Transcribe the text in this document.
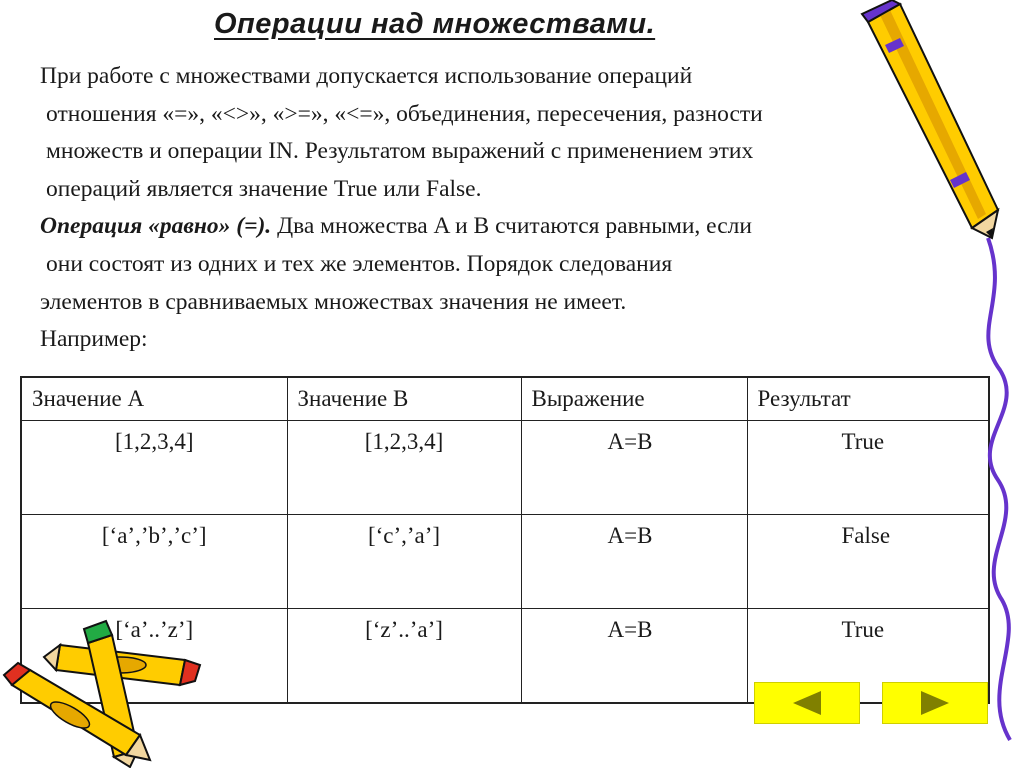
Операции над множествами.
При работе с множествами допускается использование операций
отношения «=», «<>», «>=», «<=», объединения, пересечения, разности
множеств и операции IN. Результатом выражений с применением этих
операций является значение True или False.
Операция «равно» (=). Два множества A и B считаются равными, если
они состоят из одних и тех же элементов. Порядок следования
элементов в сравниваемых множествах значения не имеет.
Например:
Значение А	Значение В	Выражение	Результат
[1,2,3,4]	[1,2,3,4]	A=B	True
[‘a’,’b’,’c’]	[‘c’,’a’]	A=B	False
[‘a’..’z’]	[‘z’..’a’]	A=B	True
